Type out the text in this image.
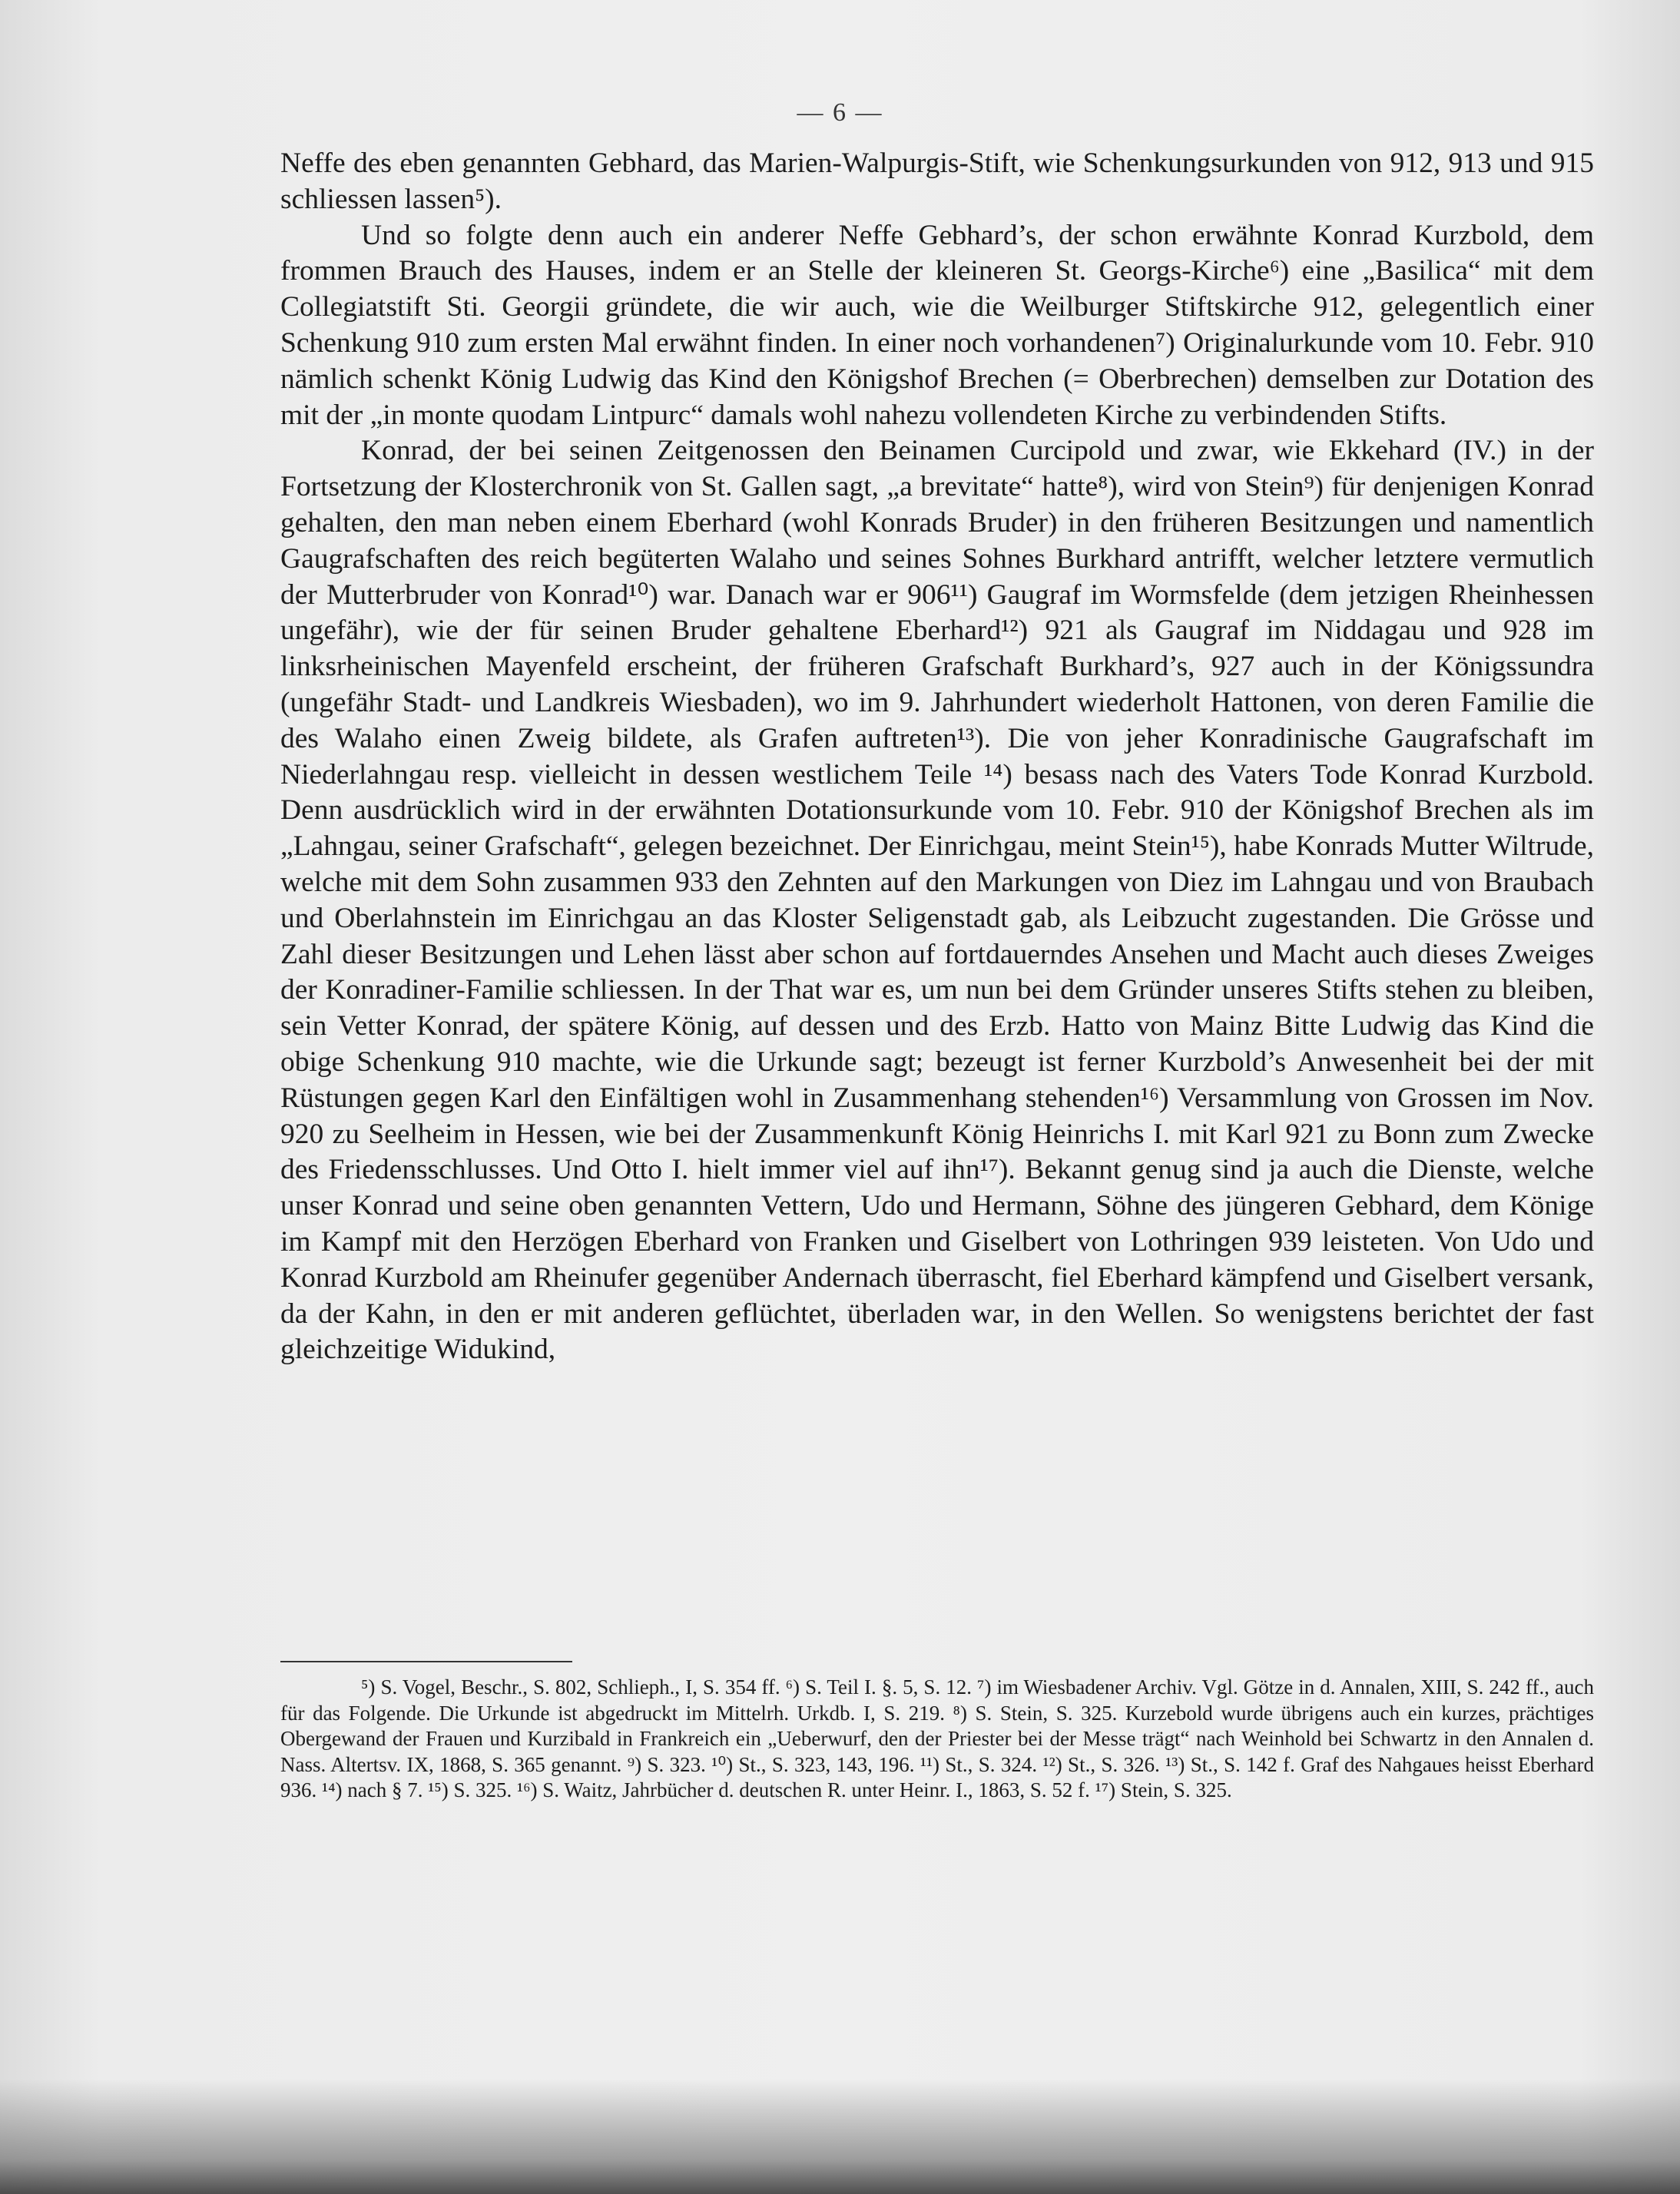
— 6 —

Neffe des eben genannten Gebhard, das Marien-Walpurgis-Stift, wie Schenkungsurkunden von 912, 913 und 915 schliessen lassen⁵).

Und so folgte denn auch ein anderer Neffe Gebhard’s, der schon erwähnte Konrad Kurzbold, dem frommen Brauch des Hauses, indem er an Stelle der kleineren St. Georgs-Kirche⁶) eine „Basilica“ mit dem Collegiatstift Sti. Georgii gründete, die wir auch, wie die Weilburger Stiftskirche 912, gelegentlich einer Schenkung 910 zum ersten Mal erwähnt finden. In einer noch vorhandenen⁷) Originalurkunde vom 10. Febr. 910 nämlich schenkt König Ludwig das Kind den Königshof Brechen (= Oberbrechen) demselben zur Dotation des mit der „in monte quodam Lintpurc“ damals wohl nahezu vollendeten Kirche zu verbindenden Stifts.

Konrad, der bei seinen Zeitgenossen den Beinamen Curcipold und zwar, wie Ekkehard (IV.) in der Fortsetzung der Klosterchronik von St. Gallen sagt, „a brevitate“ hatte⁸), wird von Stein⁹) für denjenigen Konrad gehalten, den man neben einem Eberhard (wohl Konrads Bruder) in den früheren Besitzungen und namentlich Gaugrafschaften des reich begüterten Walaho und seines Sohnes Burkhard antrifft, welcher letztere vermutlich der Mutterbruder von Konrad¹⁰) war. Danach war er 906¹¹) Gaugraf im Wormsfelde (dem jetzigen Rheinhessen ungefähr), wie der für seinen Bruder gehaltene Eberhard¹²) 921 als Gaugraf im Niddagau und 928 im linksrheinischen Mayenfeld erscheint, der früheren Grafschaft Burkhard’s, 927 auch in der Königssundra (ungefähr Stadt- und Landkreis Wiesbaden), wo im 9. Jahrhundert wiederholt Hattonen, von deren Familie die des Walaho einen Zweig bildete, als Grafen auftreten¹³). Die von jeher Konradinische Gaugrafschaft im Niederlahngau resp. vielleicht in dessen westlichem Teile ¹⁴) besass nach des Vaters Tode Konrad Kurzbold. Denn ausdrücklich wird in der erwähnten Dotationsurkunde vom 10. Febr. 910 der Königshof Brechen als im „Lahngau, seiner Grafschaft“, gelegen bezeichnet. Der Einrichgau, meint Stein¹⁵), habe Konrads Mutter Wiltrude, welche mit dem Sohn zusammen 933 den Zehnten auf den Markungen von Diez im Lahngau und von Braubach und Oberlahnstein im Einrichgau an das Kloster Seligenstadt gab, als Leibzucht zugestanden. Die Grösse und Zahl dieser Besitzungen und Lehen lässt aber schon auf fortdauerndes Ansehen und Macht auch dieses Zweiges der Konradiner-Familie schliessen. In der That war es, um nun bei dem Gründer unseres Stifts stehen zu bleiben, sein Vetter Konrad, der spätere König, auf dessen und des Erzb. Hatto von Mainz Bitte Ludwig das Kind die obige Schenkung 910 machte, wie die Urkunde sagt; bezeugt ist ferner Kurzbold’s Anwesenheit bei der mit Rüstungen gegen Karl den Einfältigen wohl in Zusammenhang stehenden¹⁶) Versammlung von Grossen im Nov. 920 zu Seelheim in Hessen, wie bei der Zusammenkunft König Heinrichs I. mit Karl 921 zu Bonn zum Zwecke des Friedensschlusses. Und Otto I. hielt immer viel auf ihn¹⁷). Bekannt genug sind ja auch die Dienste, welche unser Konrad und seine oben genannten Vettern, Udo und Hermann, Söhne des jüngeren Gebhard, dem Könige im Kampf mit den Herzögen Eberhard von Franken und Giselbert von Lothringen 939 leisteten. Von Udo und Konrad Kurzbold am Rheinufer gegenüber Andernach überrascht, fiel Eberhard kämpfend und Giselbert versank, da der Kahn, in den er mit anderen geflüchtet, überladen war, in den Wellen. So wenigstens berichtet der fast gleichzeitige Widukind,

⁵) S. Vogel, Beschr., S. 802, Schlieph., I, S. 354 ff. ⁶) S. Teil I. §. 5, S. 12. ⁷) im Wiesbadener Archiv. Vgl. Götze in d. Annalen, XIII, S. 242 ff., auch für das Folgende. Die Urkunde ist abgedruckt im Mittelrh. Urkdb. I, S. 219. ⁸) S. Stein, S. 325. Kurzebold wurde übrigens auch ein kurzes, prächtiges Obergewand der Frauen und Kurzibald in Frankreich ein „Ueberwurf, den der Priester bei der Messe trägt“ nach Weinhold bei Schwartz in den Annalen d. Nass. Altertsv. IX, 1868, S. 365 genannt. ⁹) S. 323. ¹⁰) St., S. 323, 143, 196. ¹¹) St., S. 324. ¹²) St., S. 326. ¹³) St., S. 142 f. Graf des Nahgaues heisst Eberhard 936. ¹⁴) nach § 7. ¹⁵) S. 325. ¹⁶) S. Waitz, Jahrbücher d. deutschen R. unter Heinr. I., 1863, S. 52 f. ¹⁷) Stein, S. 325.
